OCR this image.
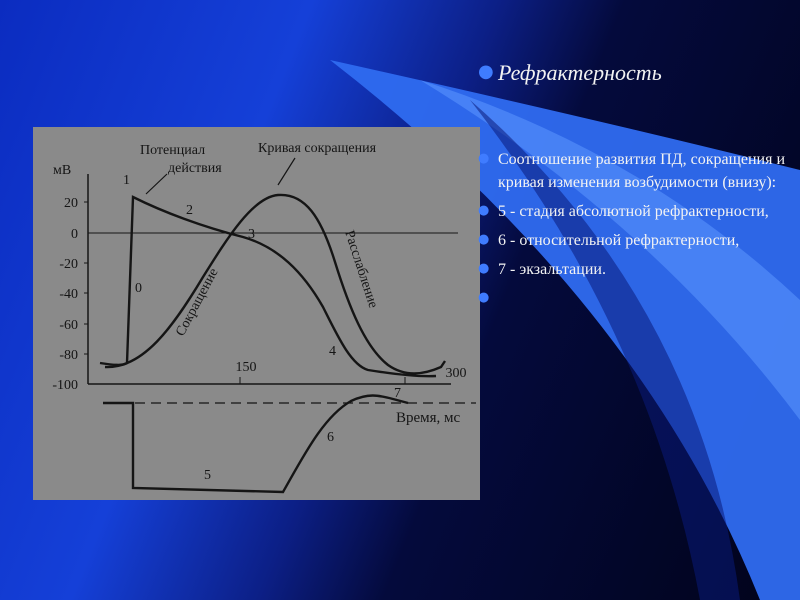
мВ
20
0
-20
-40
-60
-80
-100
150	300
Потенциал
действия
Кривая сокращения
Сокращение	Расслабление
Время, мс
1
2
3
0
4
5
6
7
● Рефрактерность
● Соотношение развития ПД, сокращения и кривая изменения возбудимости (внизу):
● 5 - стадия абсолютной рефрактерности,
● 6 - относительной рефрактерности,
● 7 - экзальтации.
●
